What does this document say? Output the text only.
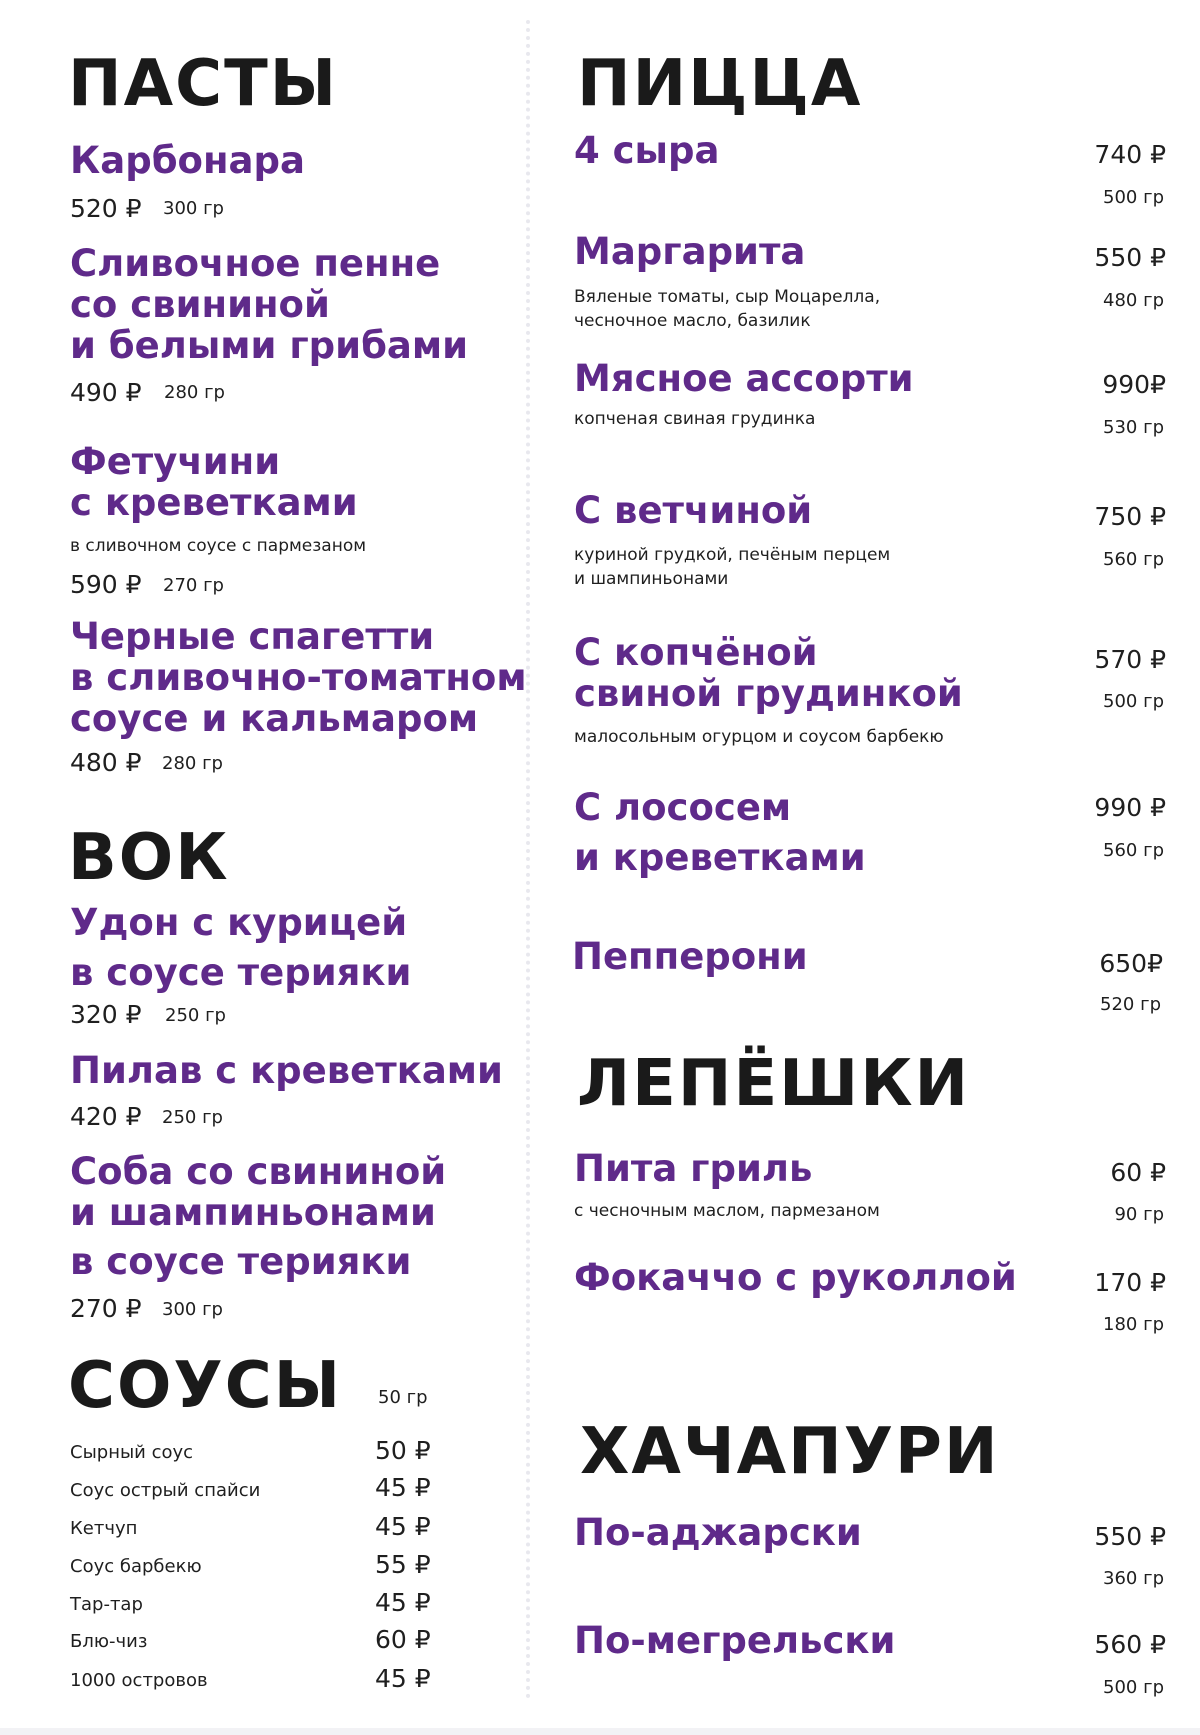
ПАСТЫ
Карбонара
520 ₽ 300 гр
Сливочное пенне
со свининой
и белыми грибами
490 ₽ 280 гр
Фетучини
с креветками
в сливочном соусе с пармезаном
590 ₽ 270 гр
Черные спагетти
в сливочно-томатном
соусе и кальмаром
480 ₽ 280 гр
ВОК
Удон с курицей
в соусе терияки
320 ₽ 250 гр
Пилав с креветками
420 ₽ 250 гр
Соба со свининой
и шампиньонами
в соусе терияки
270 ₽ 300 гр
СОУСЫ 50 гр
Сырный соус	50 ₽
Соус острый спайси	45 ₽
Кетчуп	45 ₽
Соус барбекю	55 ₽
Тар-тар	45 ₽
Блю-чиз	60 ₽
1000 островов	45 ₽
ПИЦЦА
4 сыра	740 ₽
500 гр
Маргарита
Вяленые томаты, сыр Моцарелла,
чесночное масло, базилик
550 ₽
480 гр
Мясное ассорти
копченая свиная грудинка
990₽
530 гр
С ветчиной
куриной грудкой, печёным перцем
и шампиньонами
750 ₽
560 гр
С копчёной
свиной грудинкой
малосольным огурцом и соусом барбекю
570 ₽
500 гр
С лососем
и креветками
990 ₽
560 гр
Пепперони	650₽
520 гр
ЛЕПЁШКИ
Пита гриль
с чесночным маслом, пармезаном
60 ₽
90 гр
Фокаччо с руколлой	170 ₽
180 гр
ХАЧАПУРИ
По-аджарски	550 ₽
360 гр
По-мегрельски	560 ₽
500 гр
